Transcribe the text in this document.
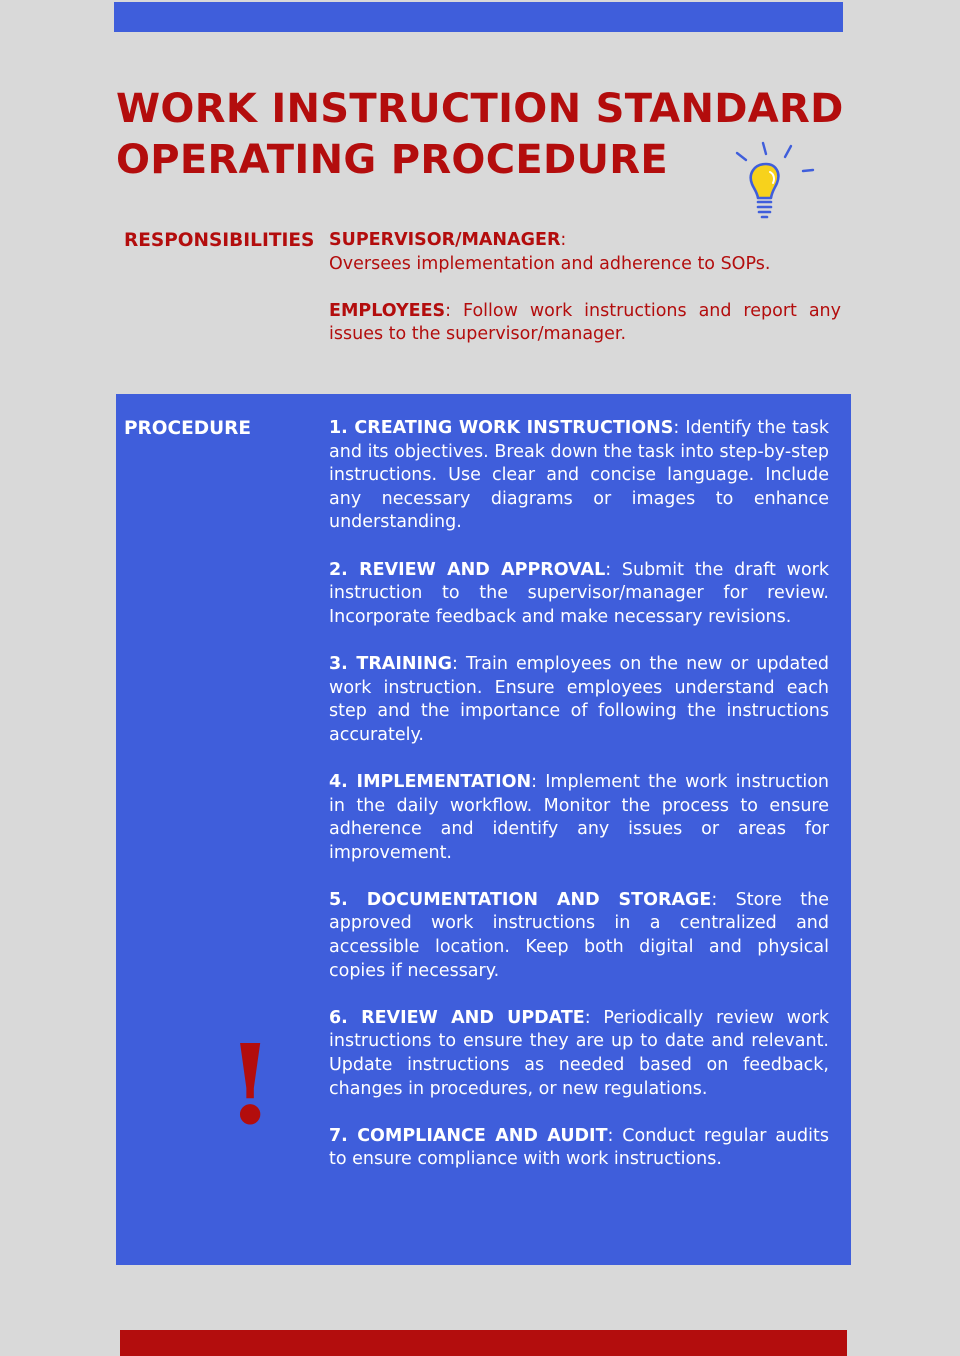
WORK INSTRUCTION STANDARD
OPERATING PROCEDURE
RESPONSIBILITIES SUPERVISOR/MANAGER:
Oversees implementation and adherence to SOPs.

EMPLOYEES: Follow work instructions and report any issues to the supervisor/manager.

PROCEDURE	1. CREATING WORK INSTRUCTIONS: Identify the task and its objectives. Break down the task into step-by-step instructions. Use clear and concise language. Include any necessary diagrams or images to enhance understanding.

2. REVIEW AND APPROVAL: Submit the draft work instruction to the supervisor/manager for review. Incorporate feedback and make necessary revisions.

3. TRAINING: Train employees on the new or updated work instruction. Ensure employees understand each step and the importance of following the instructions accurately.

4. IMPLEMENTATION: Implement the work instruction in the daily workflow. Monitor the process to ensure adherence and identify any issues or areas for improvement.

5. DOCUMENTATION AND STORAGE: Store the approved work instructions in a centralized and accessible location. Keep both digital and physical copies if necessary.

6. REVIEW AND UPDATE: Periodically review work instructions to ensure they are up to date and relevant. Update instructions as needed based on feedback, changes in procedures, or new regulations.

7. COMPLIANCE AND AUDIT: Conduct regular audits to ensure compliance with work instructions.

!
